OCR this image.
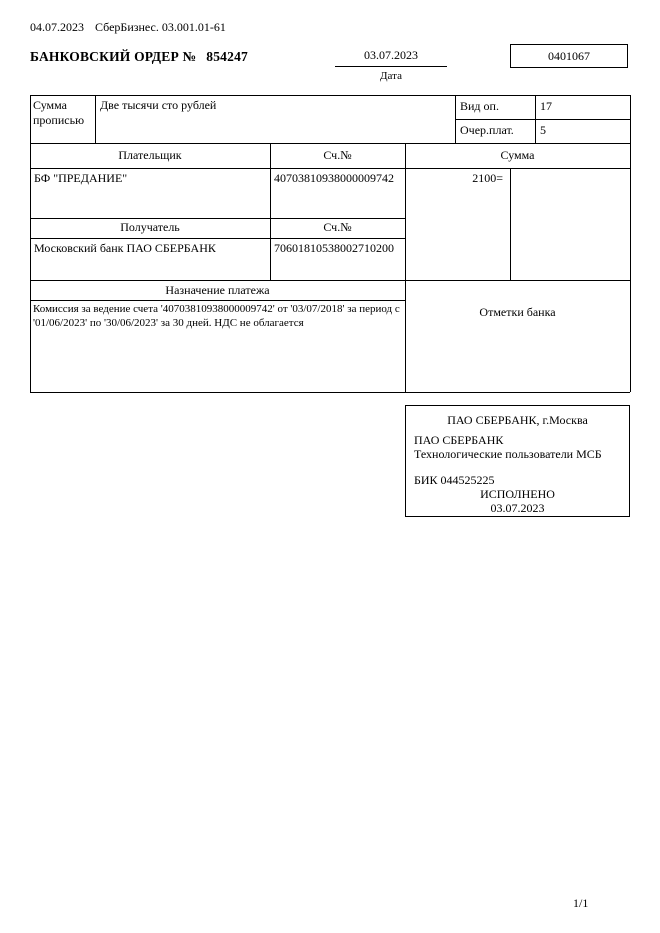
04.07.2023 СберБизнес. 03.001.01-61
БАНКОВСКИЙ ОРДЕР № 854247	03.07.2023
Дата
0401067
Сумма прописью
Две тысячи сто рублей	Вид оп.	17
Очер.плат. 5
Плательщик	Сч.№	Сумма
БФ "ПРЕДАНИЕ"	40703810938000009742	2100=
Получатель	Сч.№
Московский банк ПАО СБЕРБАНК	70601810538002710200
Назначение платежа
Комиссия за ведение счета '40703810938000009742' от '03/07/2018' за период с '01/06/2023' по '30/06/2023' за 30 дней. НДС не облагается
Отметки банка
ПАО СБЕРБАНК, г.Москва
ПАО СБЕРБАНК
Технологические пользователи МСБ
БИК 044525225
ИСПОЛНЕНО
03.07.2023
1/1
